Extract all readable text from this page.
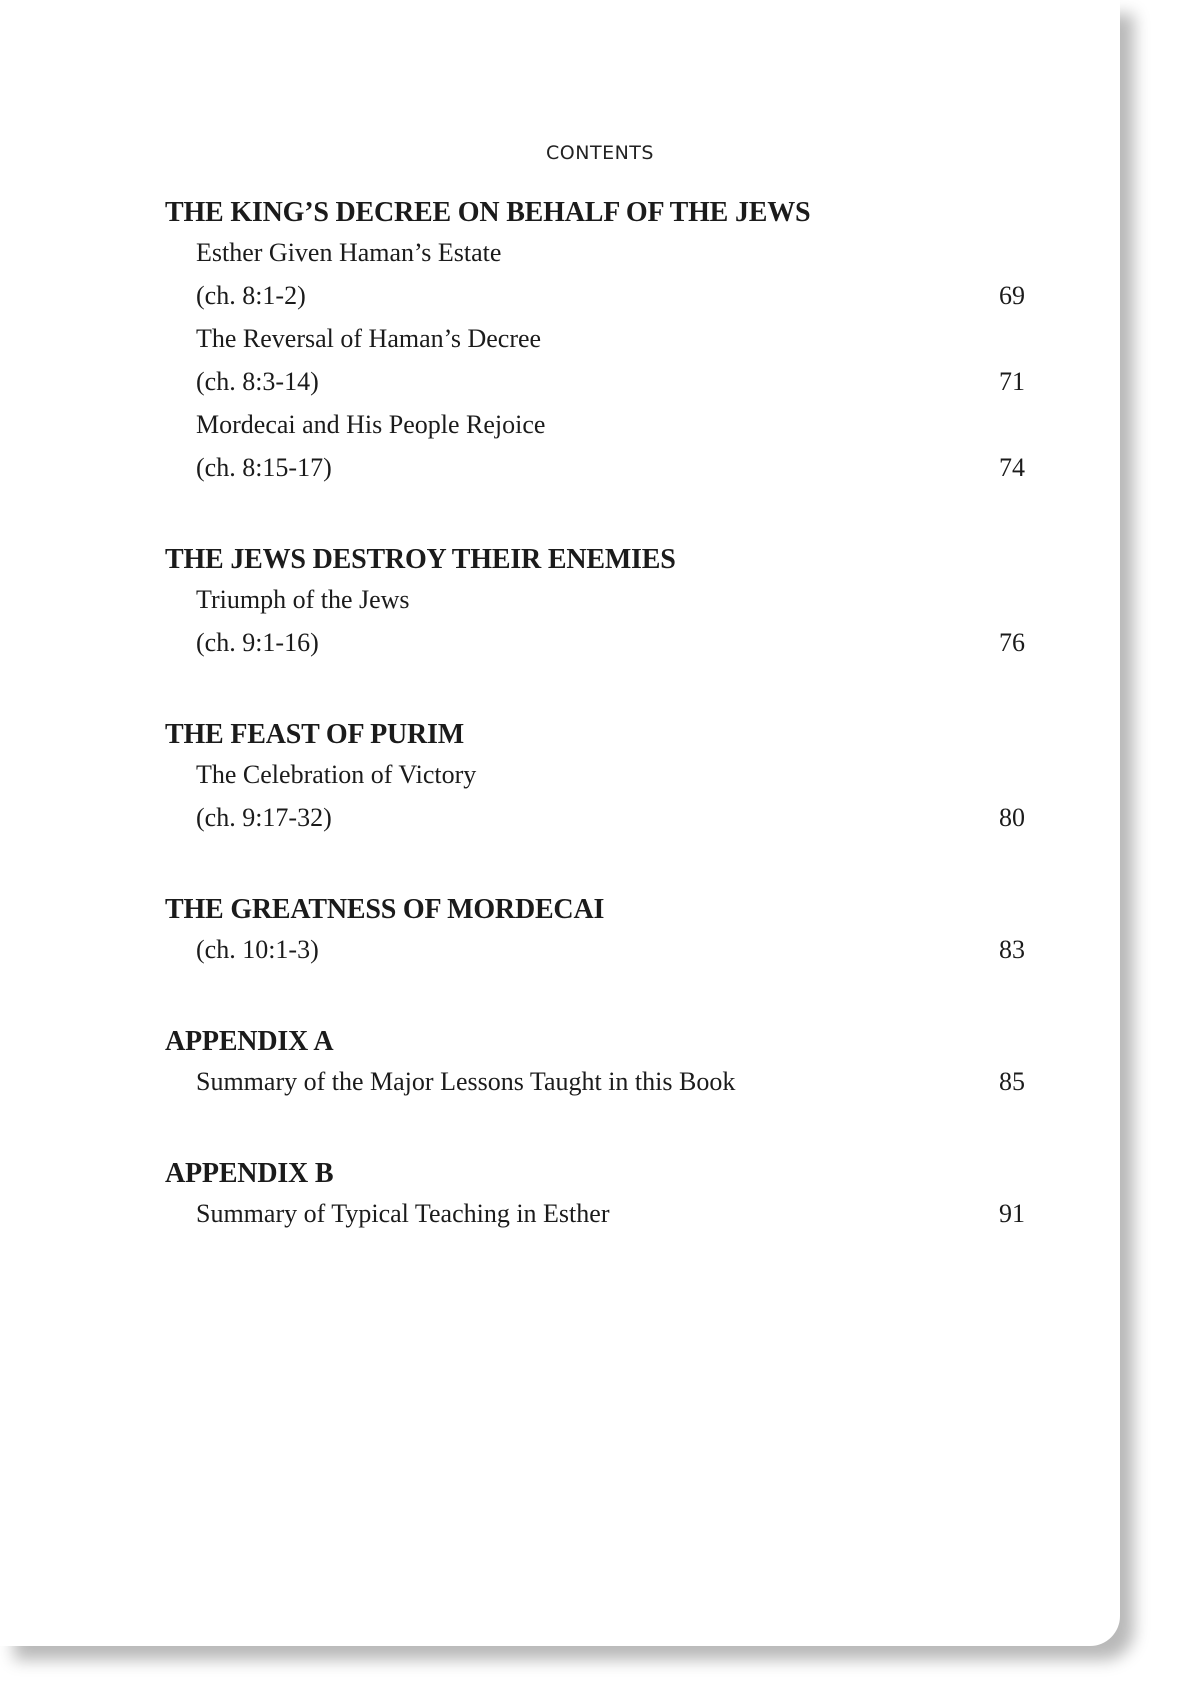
CONTENTS
THE KING’S DECREE ON BEHALF OF THE JEWS
Esther Given Haman’s Estate
(ch. 8:1-2)	69
The Reversal of Haman’s Decree
(ch. 8:3-14)	71
Mordecai and His People Rejoice
(ch. 8:15-17)	74
THE JEWS DESTROY THEIR ENEMIES
Triumph of the Jews
(ch. 9:1-16)	76
THE FEAST OF PURIM
The Celebration of Victory
(ch. 9:17-32)	80
THE GREATNESS OF MORDECAI
(ch. 10:1-3)	83
APPENDIX A
Summary of the Major Lessons Taught in this Book	85
APPENDIX B
Summary of Typical Teaching in Esther	91
